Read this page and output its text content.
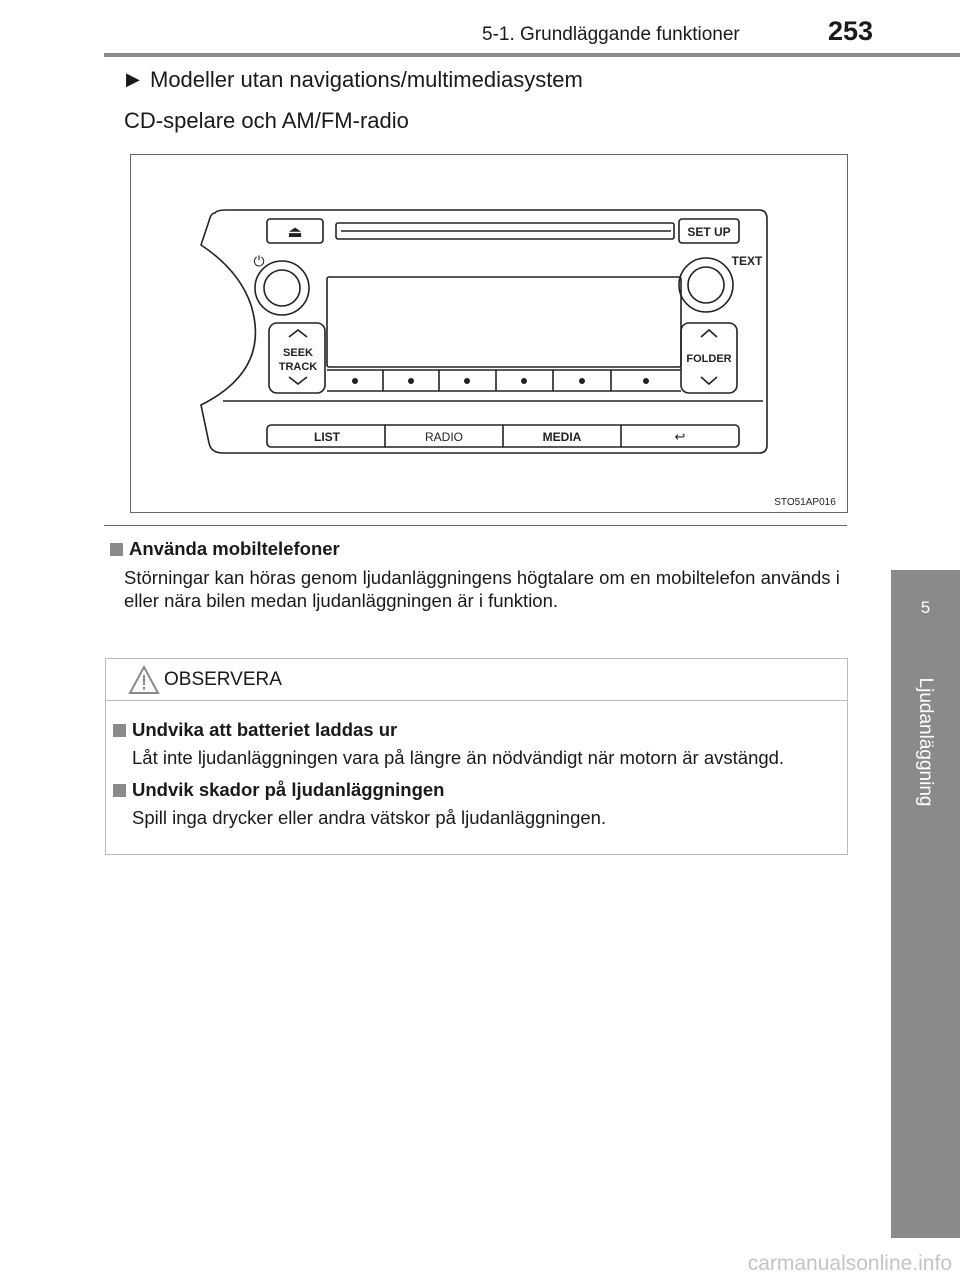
5-1. Grundläggande funktioner	253
5
Ljudanläggning
▶ Modeller utan navigations/multimediasystem
CD-spelare och AM/FM-radio
⏏	SET UP
⏻	TEXT
SEEK
TRACK
FOLDER
LIST	RADIO	MEDIA	↩
STO51AP016
Använda mobiltelefoner
Störningar kan höras genom ljudanläggningens högtalare om en mobiltelefon används i eller nära bilen medan ljudanläggningen är i funktion.
OBSERVERA
Undvika att batteriet laddas ur
Låt inte ljudanläggningen vara på längre än nödvändigt när motorn är avstängd.
Undvik skador på ljudanläggningen
Spill inga drycker eller andra vätskor på ljudanläggningen.
carmanualsonline.info
